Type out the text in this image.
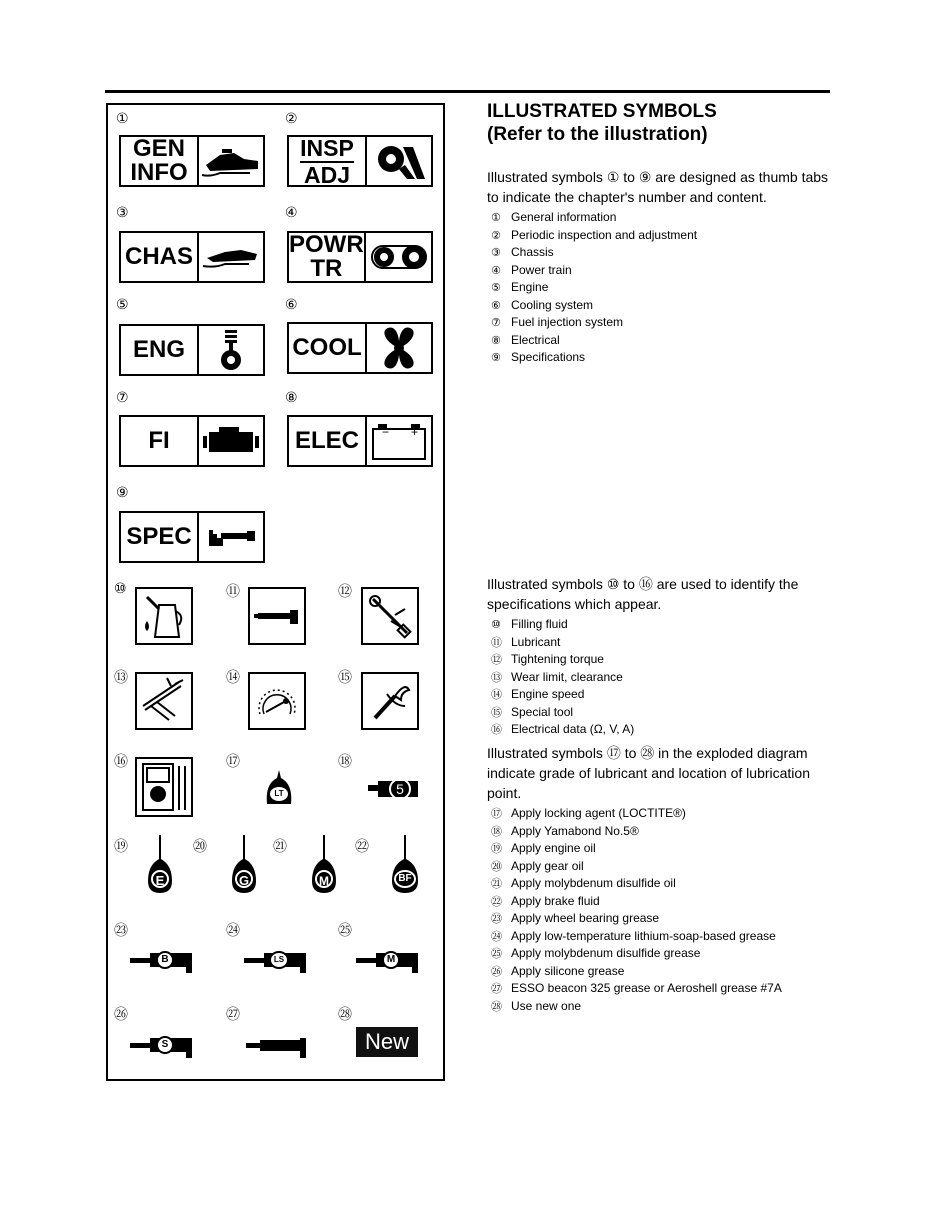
①	②
GEN
INFO
INSP
ADJ
③	④
CHAS	POWR
TR
⑤	⑥
ENG	COOL
⑦	⑧
FI	ELEC	− +
⑨
SPEC
⑩	⑪	⑫
⑬	⑭	⑮
⑯	⑰	⑱
LT	5
⑲	⑳	㉑	㉒
E	G	M	BF
㉓	㉔	㉕
B	LS	M
㉖	㉗	㉘
S	New
ILLUSTRATED SYMBOLS
(Refer to the illustration)
Illustrated symbols ① to ⑨ are designed as thumb tabs to indicate the chapter's number and content.
① General information
② Periodic inspection and adjustment
③ Chassis
④ Power train
⑤ Engine
⑥ Cooling system
⑦ Fuel injection system
⑧ Electrical
⑨ Specifications
Illustrated symbols ⑩ to ⑯ are used to identify the specifications which appear.
⑩ Filling fluid
⑪ Lubricant
⑫ Tightening torque
⑬ Wear limit, clearance
⑭ Engine speed
⑮ Special tool
⑯ Electrical data (Ω, V, A)
Illustrated symbols ⑰ to ㉘ in the exploded diagram indicate grade of lubricant and location of lubrication point.
⑰ Apply locking agent (LOCTITE®)
⑱ Apply Yamabond No.5®
⑲ Apply engine oil
⑳ Apply gear oil
㉑ Apply molybdenum disulfide oil
㉒ Apply brake fluid
㉓ Apply wheel bearing grease
㉔ Apply low-temperature lithium-soap-based grease
㉕ Apply molybdenum disulfide grease
㉖ Apply silicone grease
㉗ ESSO beacon 325 grease or Aeroshell grease #7A
㉘ Use new one
